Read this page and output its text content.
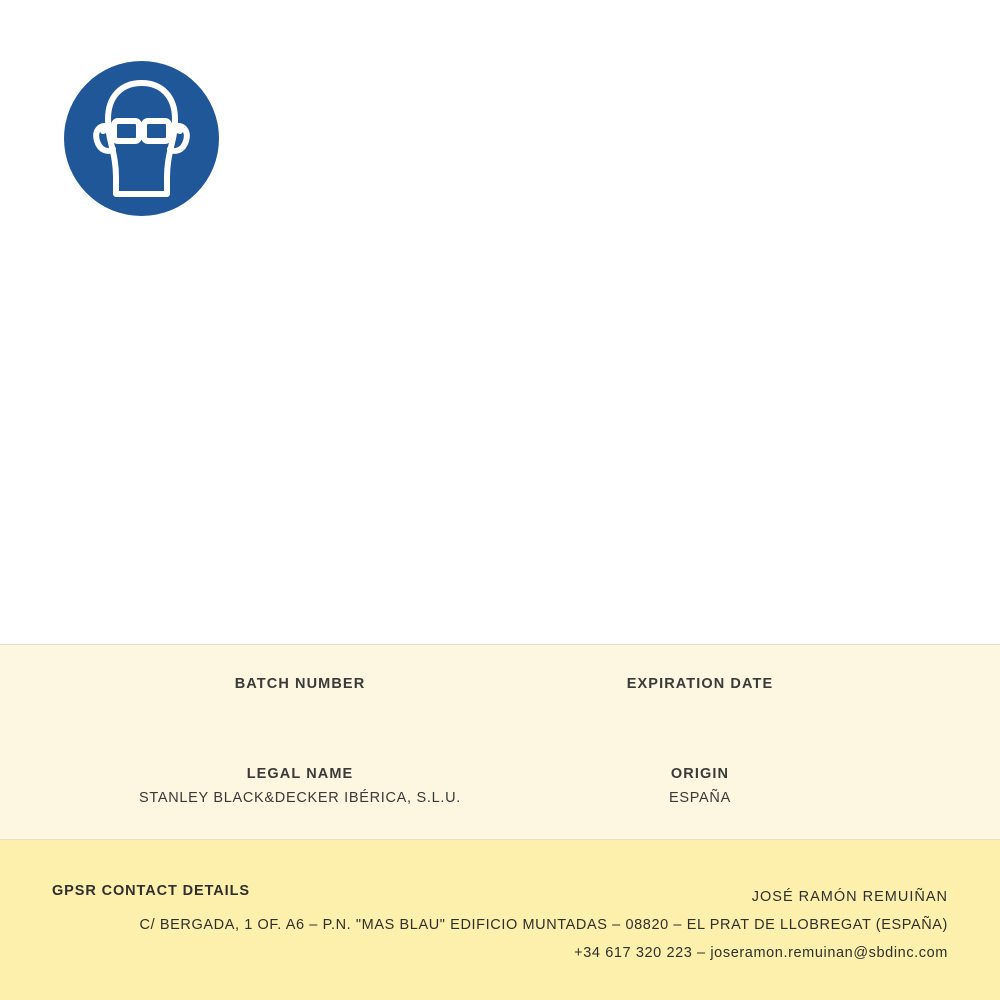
BATCH NUMBER	EXPIRATION DATE
LEGAL NAME
STANLEY BLACK&DECKER IBÉRICA, S.L.U.
ORIGIN
ESPAÑA
GPSR CONTACT DETAILS	JOSÉ RAMÓN REMUIÑAN
C/ BERGADA, 1 OF. A6 – P.N. "MAS BLAU" EDIFICIO MUNTADAS – 08820 – EL PRAT DE LLOBREGAT (ESPAÑA)
+34 617 320 223 – joseramon.remuinan@sbdinc.com
